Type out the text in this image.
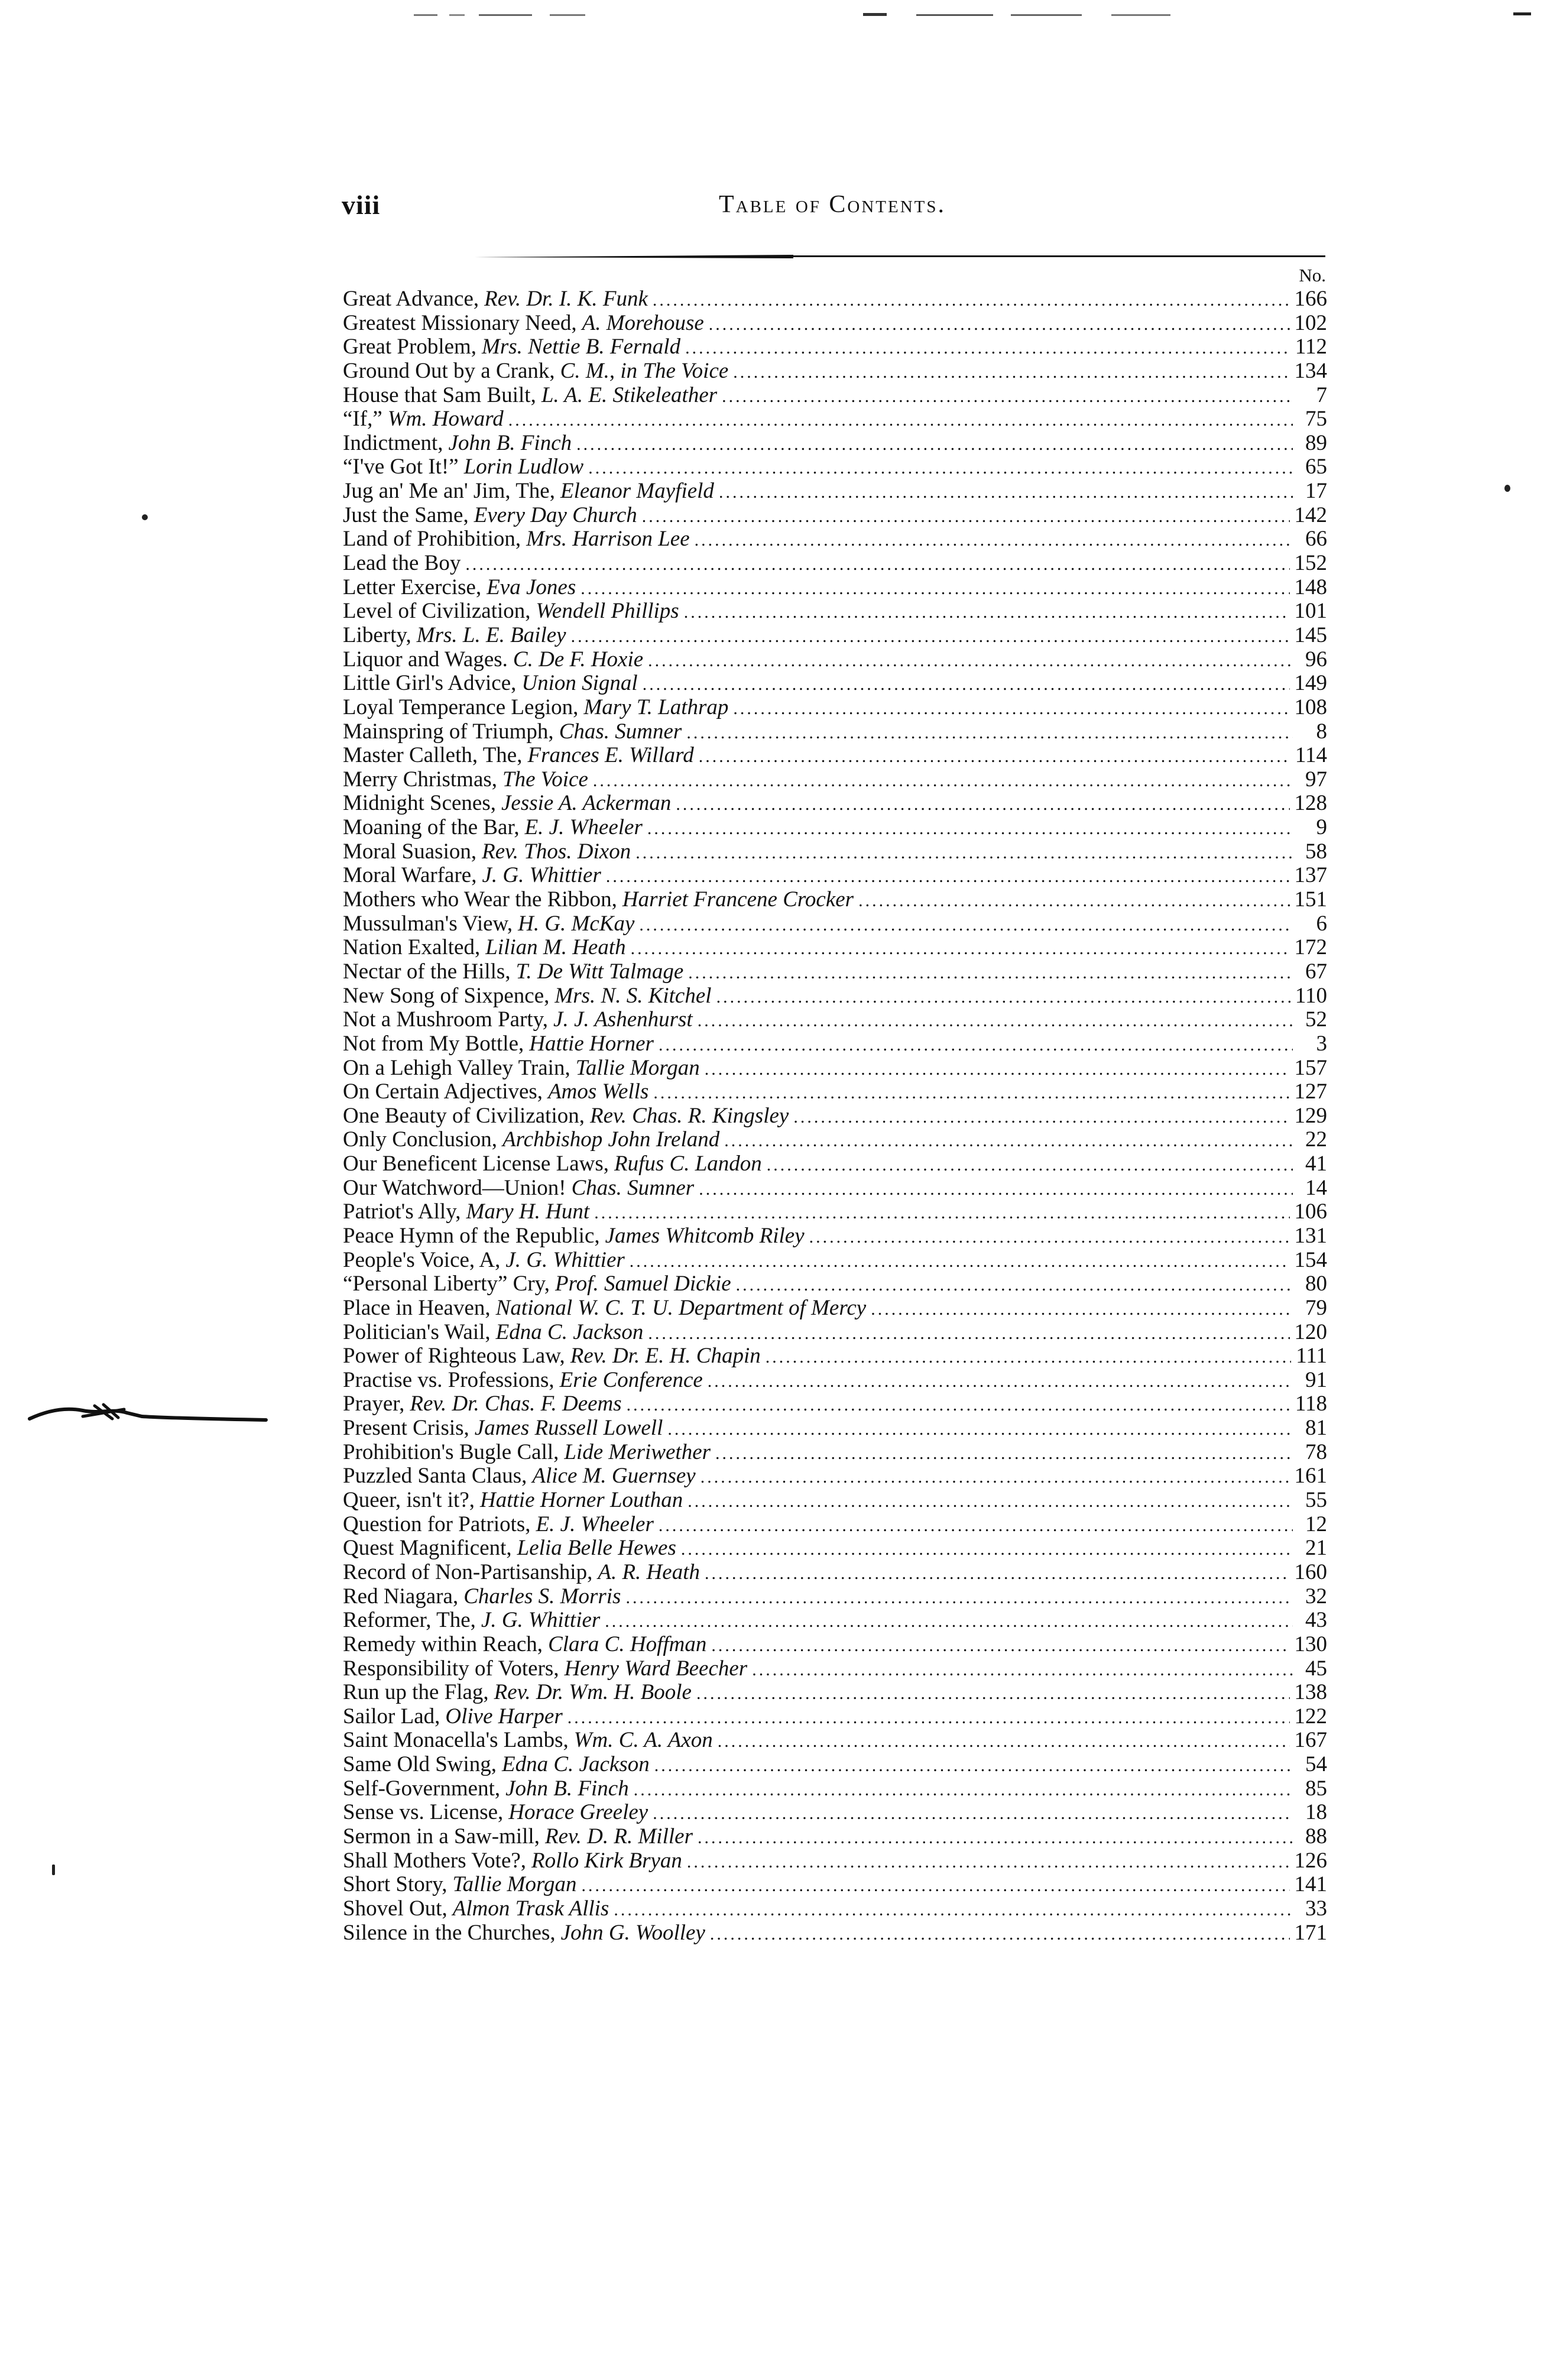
viii	Table of Contents.
No.
Great Advance, Rev. Dr. I. K. Funk .....	166
Greatest Missionary Need, A. Morehouse .....	102
Great Problem, Mrs. Nettie B. Fernald .....	112
Ground Out by a Crank, C. M., in The Voice .....	134
House that Sam Built, L. A. E. Stikeleather .....	7
“If,” Wm. Howard .....	75
Indictment, John B. Finch .....	89
“I've Got It!” Lorin Ludlow .....	65
Jug an' Me an' Jim, The, Eleanor Mayfield .....	17
Just the Same, Every Day Church .....	142
Land of Prohibition, Mrs. Harrison Lee .....	66
Lead the Boy .....	152
Letter Exercise, Eva Jones .....	148
Level of Civilization, Wendell Phillips .....	101
Liberty, Mrs. L. E. Bailey .....	145
Liquor and Wages. C. De F. Hoxie .....	96
Little Girl's Advice, Union Signal .....	149
Loyal Temperance Legion, Mary T. Lathrap .....	108
Mainspring of Triumph, Chas. Sumner .....	8
Master Calleth, The, Frances E. Willard .....	114
Merry Christmas, The Voice .....	97
Midnight Scenes, Jessie A. Ackerman .....	128
Moaning of the Bar, E. J. Wheeler .....	9
Moral Suasion, Rev. Thos. Dixon .....	58
Moral Warfare, J. G. Whittier .....	137
Mothers who Wear the Ribbon, Harriet Francene Crocker .....	151
Mussulman's View, H. G. McKay .....	6
Nation Exalted, Lilian M. Heath .....	172
Nectar of the Hills, T. De Witt Talmage .....	67
New Song of Sixpence, Mrs. N. S. Kitchel .....	110
Not a Mushroom Party, J. J. Ashenhurst .....	52
Not from My Bottle, Hattie Horner .....	3
On a Lehigh Valley Train, Tallie Morgan .....	157
On Certain Adjectives, Amos Wells .....	127
One Beauty of Civilization, Rev. Chas. R. Kingsley .....	129
Only Conclusion, Archbishop John Ireland .....	22
Our Beneficent License Laws, Rufus C. Landon .....	41
Our Watchword—Union! Chas. Sumner .....	14
Patriot's Ally, Mary H. Hunt .....	106
Peace Hymn of the Republic, James Whitcomb Riley .....	131
People's Voice, A, J. G. Whittier .....	154
“Personal Liberty” Cry, Prof. Samuel Dickie .....	80
Place in Heaven, National W. C. T. U. Department of Mercy .....	79
Politician's Wail, Edna C. Jackson .....	120
Power of Righteous Law, Rev. Dr. E. H. Chapin .....	111
Practise vs. Professions, Erie Conference .....	91
Prayer, Rev. Dr. Chas. F. Deems .....	118
Present Crisis, James Russell Lowell .....	81
Prohibition's Bugle Call, Lide Meriwether .....	78
Puzzled Santa Claus, Alice M. Guernsey .....	161
Queer, isn't it?, Hattie Horner Louthan .....	55
Question for Patriots, E. J. Wheeler .....	12
Quest Magnificent, Lelia Belle Hewes .....	21
Record of Non-Partisanship, A. R. Heath .....	160
Red Niagara, Charles S. Morris .....	32
Reformer, The, J. G. Whittier .....	43
Remedy within Reach, Clara C. Hoffman .....	130
Responsibility of Voters, Henry Ward Beecher .....	45
Run up the Flag, Rev. Dr. Wm. H. Boole .....	138
Sailor Lad, Olive Harper .....	122
Saint Monacella's Lambs, Wm. C. A. Axon .....	167
Same Old Swing, Edna C. Jackson .....	54
Self-Government, John B. Finch .....	85
Sense vs. License, Horace Greeley .....	18
Sermon in a Saw-mill, Rev. D. R. Miller .....	88
Shall Mothers Vote?, Rollo Kirk Bryan .....	126
Short Story, Tallie Morgan .....	141
Shovel Out, Almon Trask Allis .....	33
Silence in the Churches, John G. Woolley .....	171
